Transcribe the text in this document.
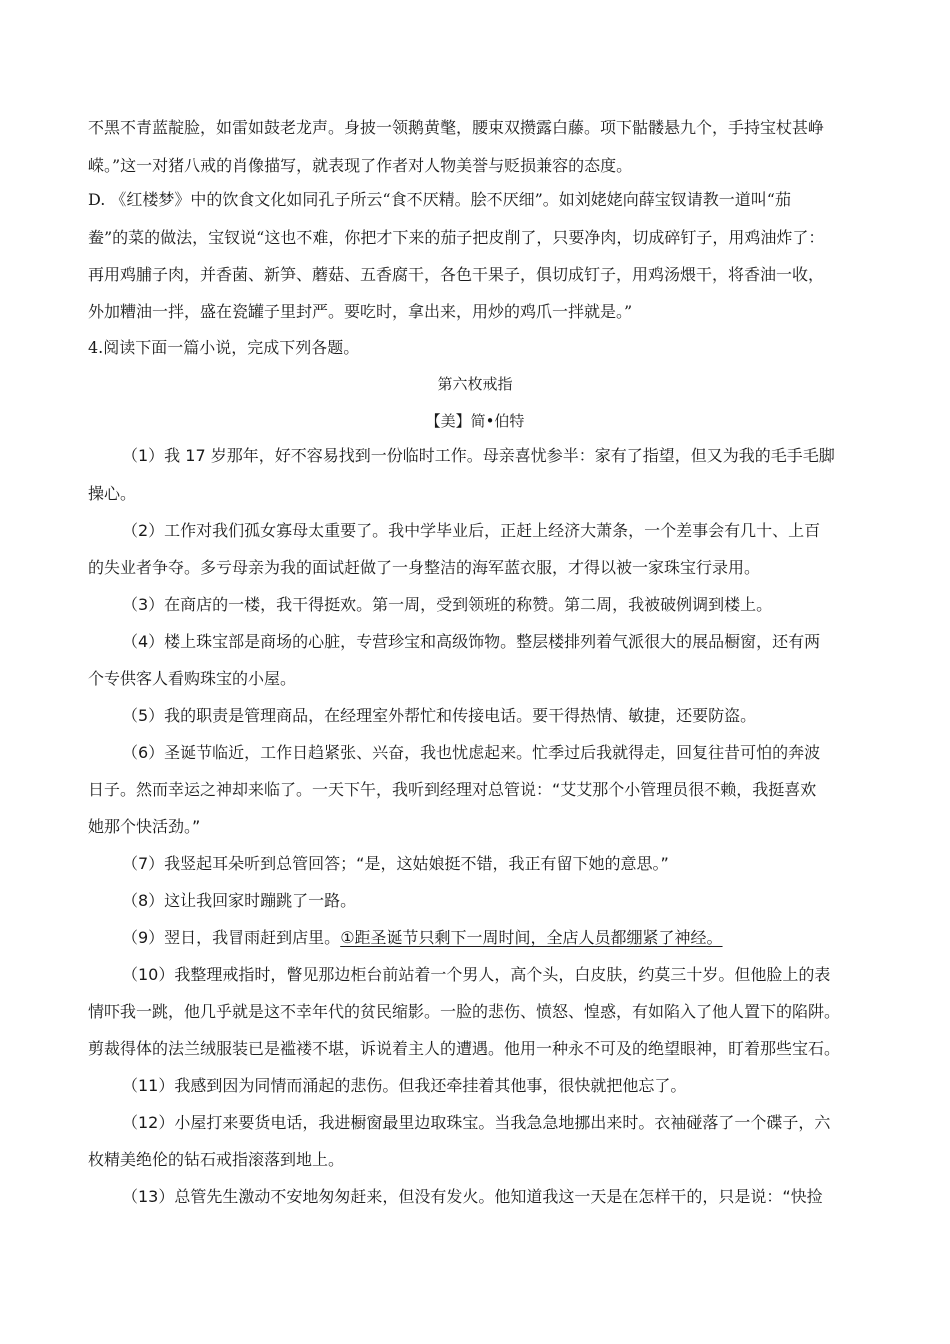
不黑不青蓝靛脸，如雷如鼓老龙声。身披一领鹅黄氅，腰束双攒露白藤。项下骷髅悬九个，手持宝杖甚峥
嵘。”这一对猪八戒的肖像描写，就表现了作者对人物美誉与贬损兼容的态度。
D. 《红楼梦》中的饮食文化如同孔子所云“食不厌精。脍不厌细”。如刘姥姥向薛宝钗请教一道叫“茄
鲞”的菜的做法，宝钗说“这也不难，你把才下来的茄子把皮削了，只要净肉，切成碎钉子，用鸡油炸了：
再用鸡脯子肉，并香菌、新笋、蘑菇、五香腐干，各色干果子，俱切成钉子，用鸡汤煨干，将香油一收，
外加糟油一拌，盛在瓷罐子里封严。要吃时，拿出来，用炒的鸡爪一拌就是。”
4.阅读下面一篇小说，完成下列各题。
第六枚戒指
【美】简•伯特
（1）我 17 岁那年，好不容易找到一份临时工作。母亲喜忧参半：家有了指望，但又为我的毛手毛脚
操心。
（2）工作对我们孤女寡母太重要了。我中学毕业后，正赶上经济大萧条，一个差事会有几十、上百
的失业者争夺。多亏母亲为我的面试赶做了一身整洁的海军蓝衣服，才得以被一家珠宝行录用。
（3）在商店的一楼，我干得挺欢。第一周，受到领班的称赞。第二周，我被破例调到楼上。
（4）楼上珠宝部是商场的心脏，专营珍宝和高级饰物。整层楼排列着气派很大的展品橱窗，还有两
个专供客人看购珠宝的小屋。
（5）我的职责是管理商品，在经理室外帮忙和传接电话。要干得热情、敏捷，还要防盗。
（6）圣诞节临近，工作日趋紧张、兴奋，我也忧虑起来。忙季过后我就得走，回复往昔可怕的奔波
日子。然而幸运之神却来临了。一天下午，我听到经理对总管说：“艾艾那个小管理员很不赖，我挺喜欢
她那个快活劲。”
（7）我竖起耳朵听到总管回答；“是，这姑娘挺不错，我正有留下她的意思。”
（8）这让我回家时蹦跳了一路。
（9）翌日，我冒雨赶到店里。①距圣诞节只剩下一周时间，全店人员都绷紧了神经。
（10）我整理戒指时，瞥见那边柜台前站着一个男人，高个头，白皮肤，约莫三十岁。但他脸上的表
情吓我一跳，他几乎就是这不幸年代的贫民缩影。一脸的悲伤、愤怒、惶惑，有如陷入了他人置下的陷阱。
剪裁得体的法兰绒服装已是褴褛不堪，诉说着主人的遭遇。他用一种永不可及的绝望眼神，盯着那些宝石。
（11）我感到因为同情而涌起的悲伤。但我还牵挂着其他事，很快就把他忘了。
（12）小屋打来要货电话，我进橱窗最里边取珠宝。当我急急地挪出来时。衣袖碰落了一个碟子，六
枚精美绝伦的钻石戒指滚落到地上。
（13）总管先生激动不安地匆匆赶来，但没有发火。他知道我这一天是在怎样干的，只是说：“快捡
